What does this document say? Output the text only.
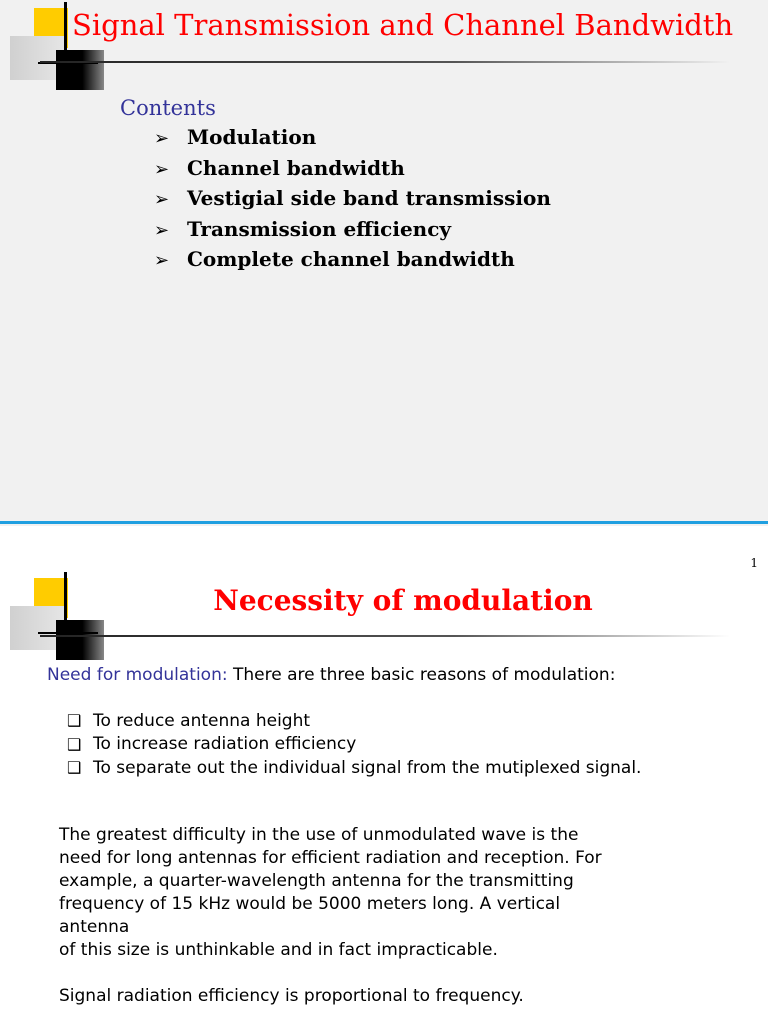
Signal Transmission and Channel Bandwidth
Contents
➢ Modulation
➢ Channel bandwidth
➢ Vestigial side band transmission
➢ Transmission efficiency
➢ Complete channel bandwidth
1
Necessity of modulation
Need for modulation: There are three basic reasons of modulation:
❑ To reduce antenna height
❑ To increase radiation efficiency
❑ To separate out the individual signal from the mutiplexed signal.
The greatest difficulty in the use of unmodulated wave is the
need for long antennas for efficient radiation and reception. For
example, a quarter-wavelength antenna for the transmitting
frequency of 15 kHz would be 5000 meters long. A vertical
antenna
of this size is unthinkable and in fact impracticable.
Signal radiation efficiency is proportional to frequency.
